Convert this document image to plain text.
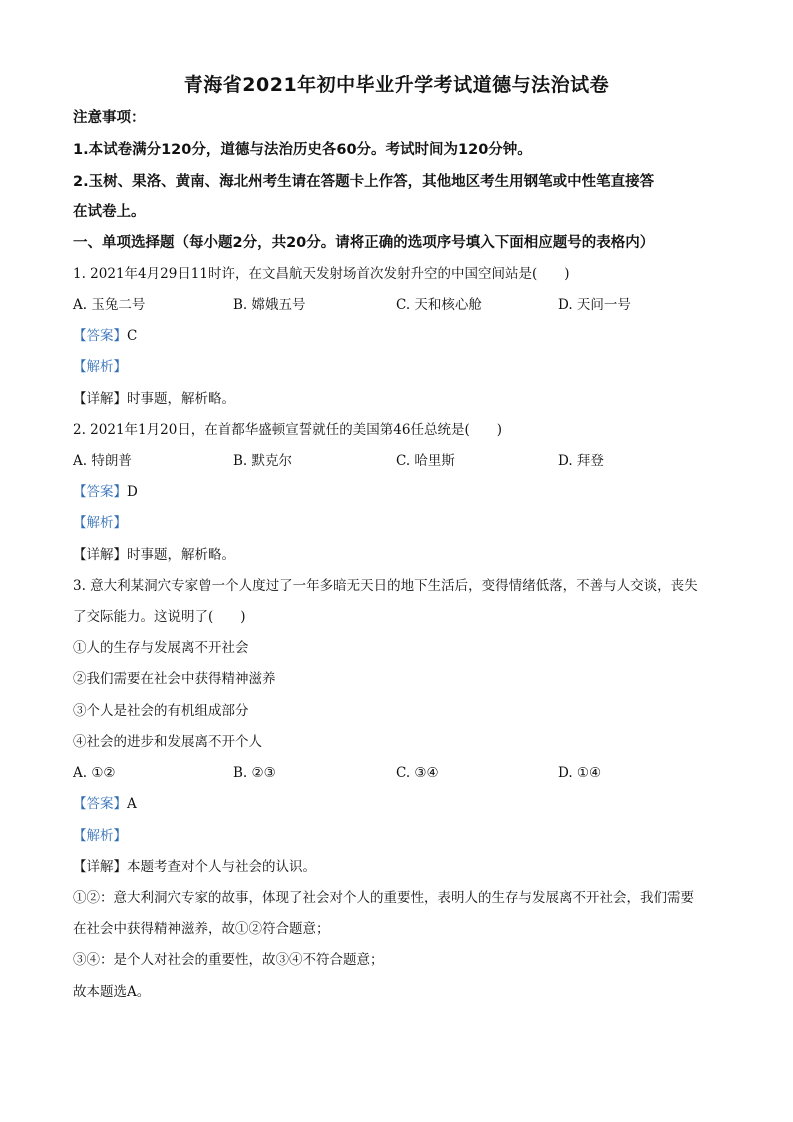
青海省2021年初中毕业升学考试道德与法治试卷
注意事项：
1.本试卷满分120分，道德与法治历史各60分。考试时间为120分钟。
2.玉树、果洛、黄南、海北州考生请在答题卡上作答，其他地区考生用钢笔或中性笔直接答
在试卷上。
一、单项选择题（每小题2分，共20分。请将正确的选项序号填入下面相应题号的表格内）
1. 2021年4月29日11时许，在文昌航天发射场首次发射升空的中国空间站是(　　)
A. 玉兔二号	B. 嫦娥五号	C. 天和核心舱	D. 天问一号
【答案】C
【解析】
【详解】时事题，解析略。
2. 2021年1月20日，在首都华盛顿宣誓就任的美国第46任总统是(　　)
A. 特朗普	B. 默克尔	C. 哈里斯	D. 拜登
【答案】D
【解析】
【详解】时事题，解析略。
3. 意大利某洞穴专家曾一个人度过了一年多暗无天日的地下生活后，变得情绪低落，不善与人交谈，丧失
了交际能力。这说明了(　　)
①人的生存与发展离不开社会
②我们需要在社会中获得精神滋养
③个人是社会的有机组成部分
④社会的进步和发展离不开个人
A. ①②	B. ②③	C. ③④	D. ①④
【答案】A
【解析】
【详解】本题考查对个人与社会的认识。
①②：意大利洞穴专家的故事，体现了社会对个人的重要性，表明人的生存与发展离不开社会，我们需要
在社会中获得精神滋养，故①②符合题意；
③④：是个人对社会的重要性，故③④不符合题意；
故本题选A。
